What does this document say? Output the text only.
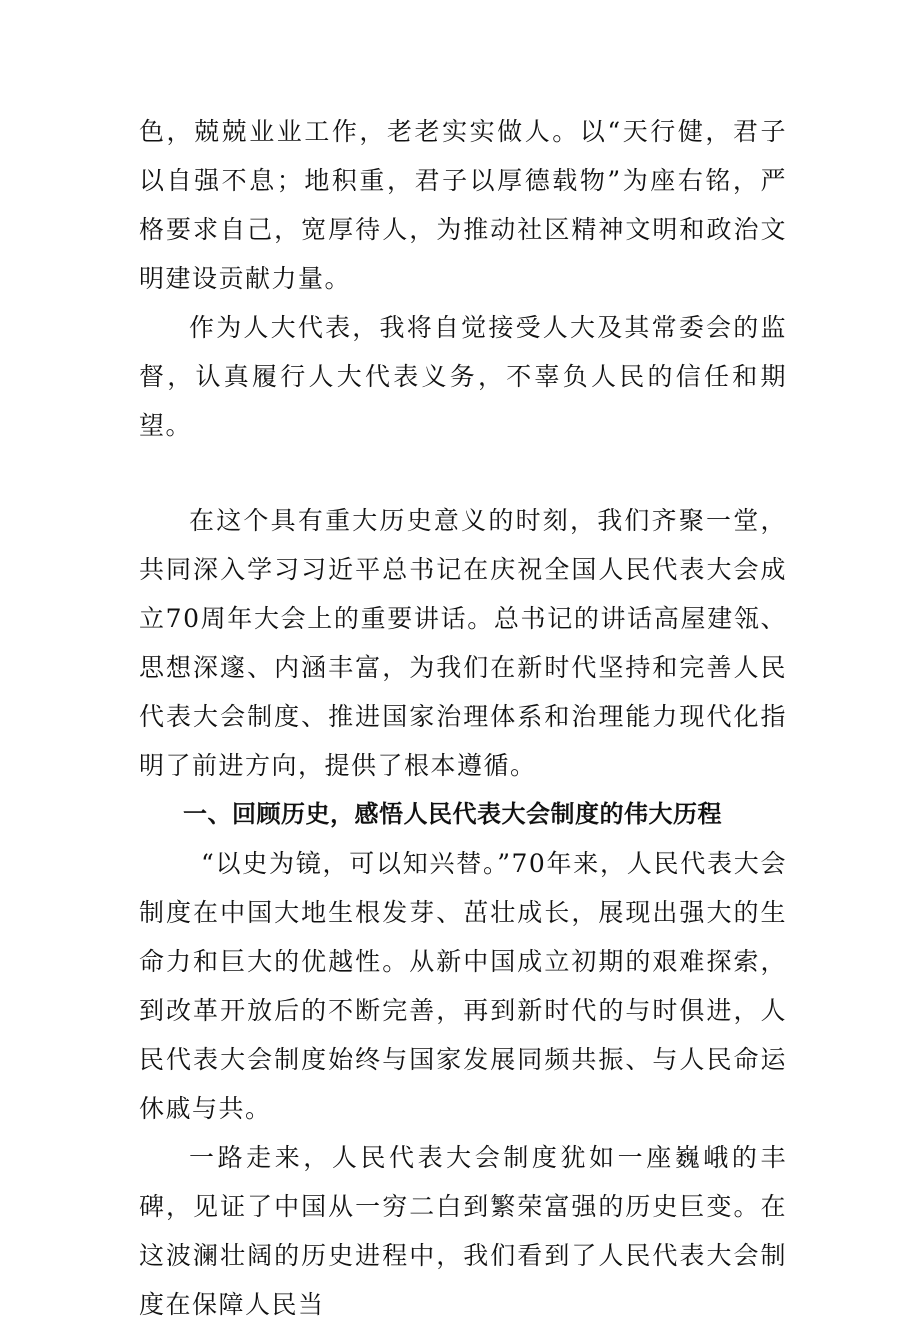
色，兢兢业业工作，老老实实做人。以“天行健，君子以自强不息；地积重，君子以厚德载物”为座右铭，严格要求自己，宽厚待人，为推动社区精神文明和政治文明建设贡献力量。

作为人大代表，我将自觉接受人大及其常委会的监督，认真履行人大代表义务，不辜负人民的信任和期望。

在这个具有重大历史意义的时刻，我们齐聚一堂，共同深入学习习近平总书记在庆祝全国人民代表大会成立70周年大会上的重要讲话。总书记的讲话高屋建瓴、思想深邃、内涵丰富，为我们在新时代坚持和完善人民代表大会制度、推进国家治理体系和治理能力现代化指明了前进方向，提供了根本遵循。

一、回顾历史，感悟人民代表大会制度的伟大历程

“以史为镜，可以知兴替。”70年来，人民代表大会制度在中国大地生根发芽、茁壮成长，展现出强大的生命力和巨大的优越性。从新中国成立初期的艰难探索，到改革开放后的不断完善，再到新时代的与时俱进，人民代表大会制度始终与国家发展同频共振、与人民命运休戚与共。

一路走来，人民代表大会制度犹如一座巍峨的丰碑，见证了中国从一穷二白到繁荣富强的历史巨变。在这波澜壮阔的历史进程中，我们看到了人民代表大会制度在保障人民当
